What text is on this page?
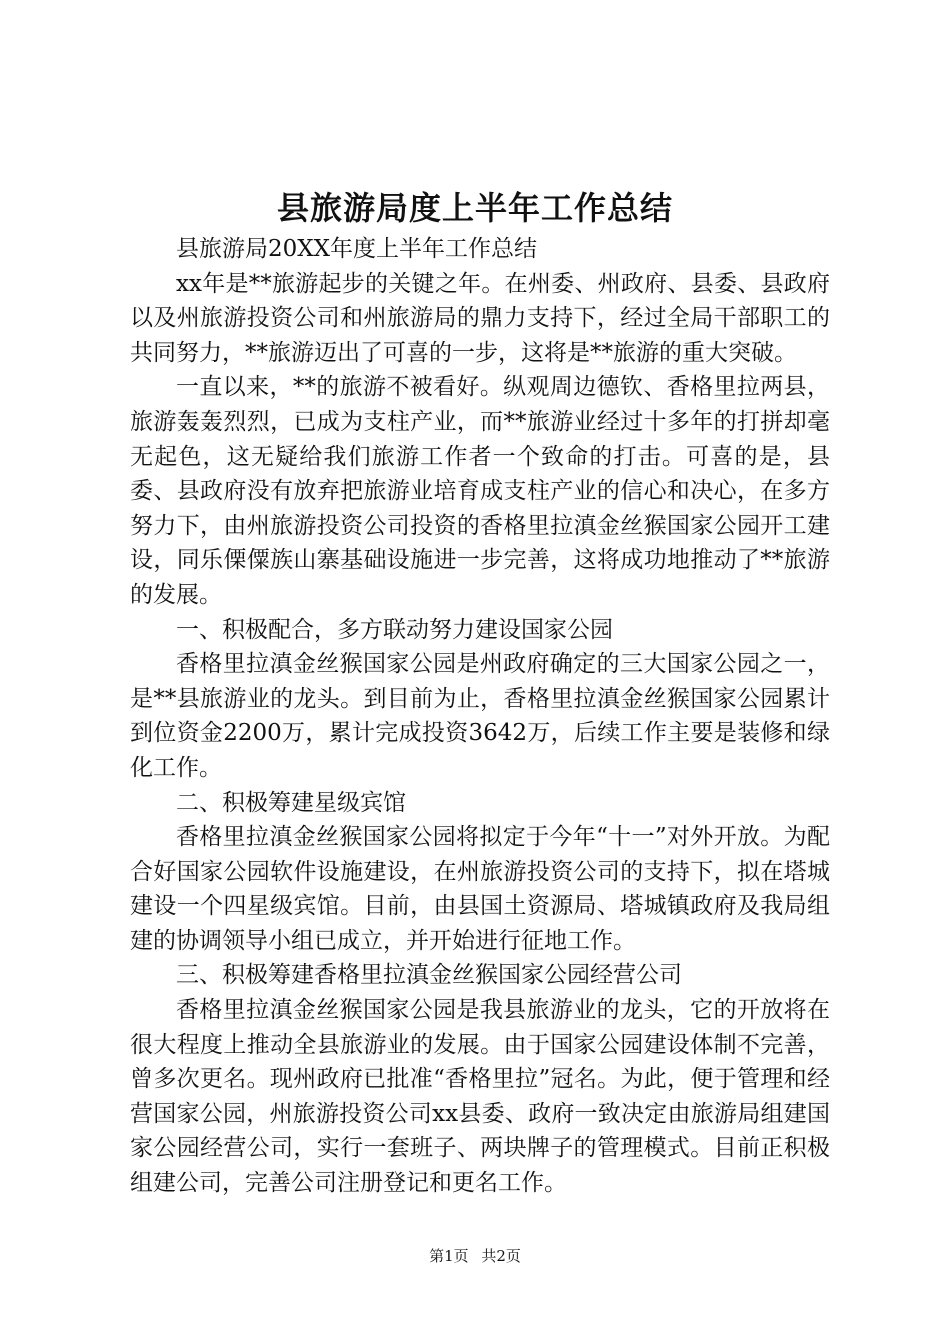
县旅游局度上半年工作总结

县旅游局20XX年度上半年工作总结

xx年是**旅游起步的关键之年。在州委、州政府、县委、县政府以及州旅游投资公司和州旅游局的鼎力支持下，经过全局干部职工的共同努力，**旅游迈出了可喜的一步，这将是**旅游的重大突破。

一直以来，**的旅游不被看好。纵观周边德钦、香格里拉两县，旅游轰轰烈烈，已成为支柱产业，而**旅游业经过十多年的打拼却毫无起色，这无疑给我们旅游工作者一个致命的打击。可喜的是，县委、县政府没有放弃把旅游业培育成支柱产业的信心和决心，在多方努力下，由州旅游投资公司投资的香格里拉滇金丝猴国家公园开工建设，同乐傈僳族山寨基础设施进一步完善，这将成功地推动了**旅游的发展。

一、积极配合，多方联动努力建设国家公园

香格里拉滇金丝猴国家公园是州政府确定的三大国家公园之一，是**县旅游业的龙头。到目前为止，香格里拉滇金丝猴国家公园累计到位资金2200万，累计完成投资3642万，后续工作主要是装修和绿化工作。

二、积极筹建星级宾馆

香格里拉滇金丝猴国家公园将拟定于今年“十一”对外开放。为配合好国家公园软件设施建设，在州旅游投资公司的支持下，拟在塔城建设一个四星级宾馆。目前，由县国土资源局、塔城镇政府及我局组建的协调领导小组已成立，并开始进行征地工作。

三、积极筹建香格里拉滇金丝猴国家公园经营公司

香格里拉滇金丝猴国家公园是我县旅游业的龙头，它的开放将在很大程度上推动全县旅游业的发展。由于国家公园建设体制不完善，曾多次更名。现州政府已批准“香格里拉”冠名。为此，便于管理和经营国家公园，州旅游投资公司xx县委、政府一致决定由旅游局组建国家公园经营公司，实行一套班子、两块牌子的管理模式。目前正积极组建公司，完善公司注册登记和更名工作。

第1页 共2页
